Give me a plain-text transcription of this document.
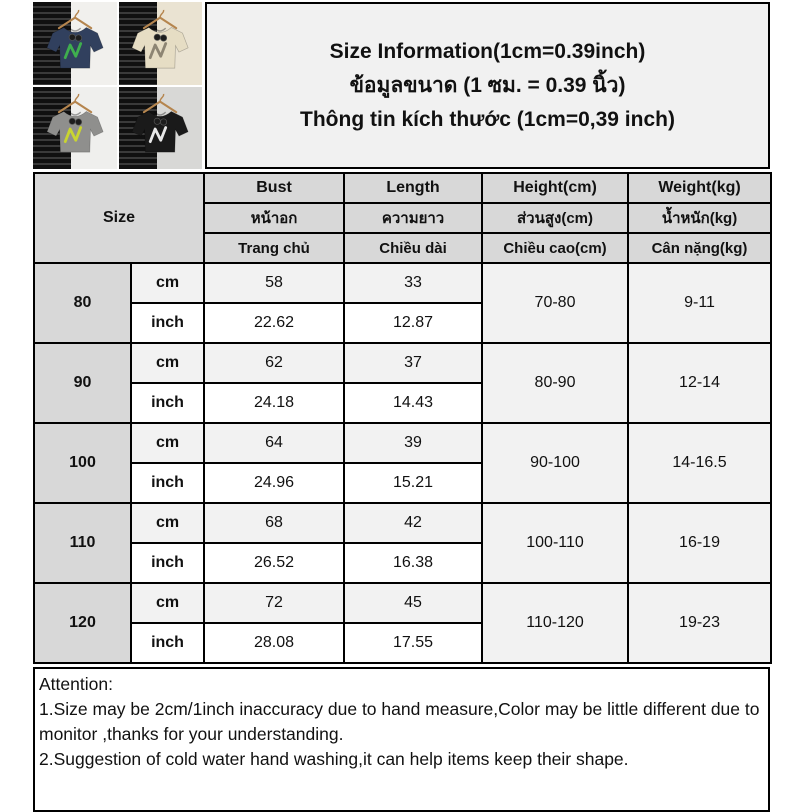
Size Information(1cm=0.39inch)
ข้อมูลขนาด (1 ซม. = 0.39 นิ้ว)
Thông tin kích thước (1cm=0,39 inch)
Size		Bust	Length	Height(cm)	Weight(kg)
		หน้าอก	ความยาว	ส่วนสูง(cm)	น้ำหนัก(kg)
		Trang chủ	Chiều dài	Chiều cao(cm)	Cân nặng(kg)
80	cm	58	33	70-80	9-11
	inch	22.62	12.87		
90	cm	62	37	80-90	12-14
	inch	24.18	14.43		
100	cm	64	39	90-100	14-16.5
	inch	24.96	15.21		
110	cm	68	42	100-110	16-19
	inch	26.52	16.38		
120	cm	72	45	110-120	19-23
	inch	28.08	17.55		
Attention:
1.Size may be 2cm/1inch inaccuracy due to hand measure,Color may be little different due to monitor ,thanks for your understanding.
2.Suggestion of cold water hand washing,it can help items keep their shape.
